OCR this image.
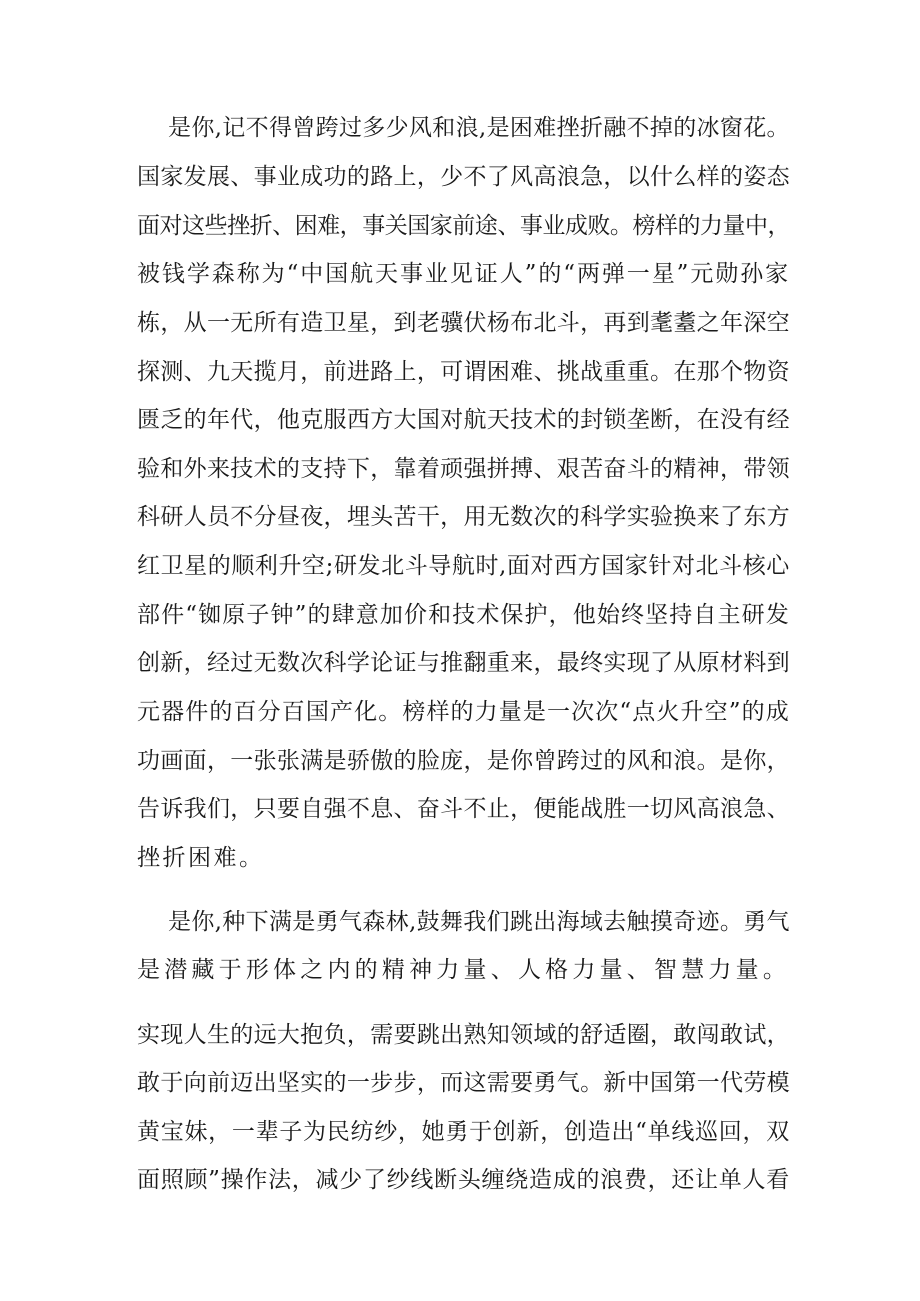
是你,记不得曾跨过多少风和浪,是困难挫折融不掉的冰窗花。
国家发展、事业成功的路上，少不了风高浪急，以什么样的姿态
面对这些挫折、困难，事关国家前途、事业成败。榜样的力量中，
被钱学森称为“中国航天事业见证人”的“两弹一星”元勋孙家
栋，从一无所有造卫星，到老骥伏杨布北斗，再到耄耋之年深空
探测、九天揽月，前进路上，可谓困难、挑战重重。在那个物资
匮乏的年代，他克服西方大国对航天技术的封锁垄断，在没有经
验和外来技术的支持下，靠着顽强拼搏、艰苦奋斗的精神，带领
科研人员不分昼夜，埋头苦干，用无数次的科学实验换来了东方
红卫星的顺利升空;研发北斗导航时,面对西方国家针对北斗核心
部件“铷原子钟”的肆意加价和技术保护，他始终坚持自主研发
创新，经过无数次科学论证与推翻重来，最终实现了从原材料到
元器件的百分百国产化。榜样的力量是一次次“点火升空”的成
功画面，一张张满是骄傲的脸庞，是你曾跨过的风和浪。是你，
告诉我们，只要自强不息、奋斗不止，便能战胜一切风高浪急、
挫折困难。
是你,种下满是勇气森林,鼓舞我们跳出海域去触摸奇迹。勇气
是潜藏于形体之内的精神力量、人格力量、智慧力量。
实现人生的远大抱负，需要跳出熟知领域的舒适圈，敢闯敢试，
敢于向前迈出坚实的一步步，而这需要勇气。新中国第一代劳模
黄宝妹，一辈子为民纺纱，她勇于创新，创造出“单线巡回，双
面照顾”操作法，减少了纱线断头缠绕造成的浪费，还让单人看
